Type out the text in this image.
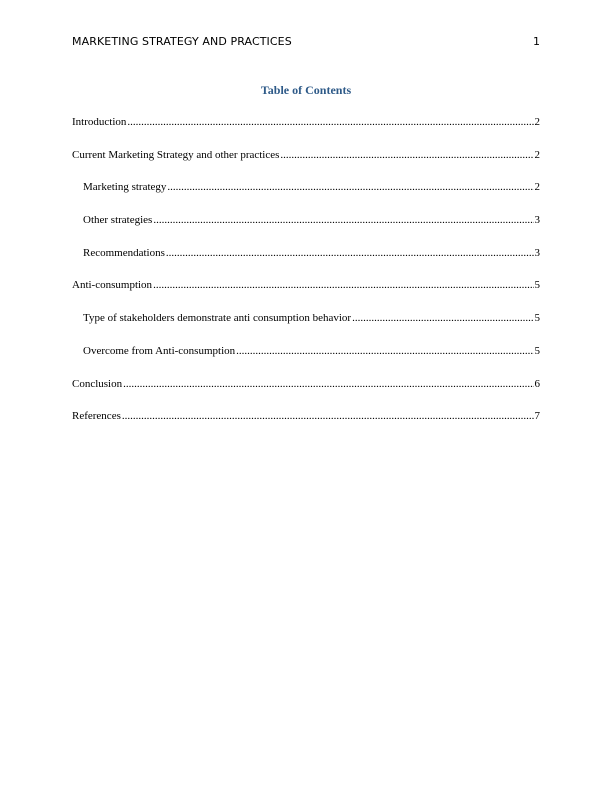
MARKETING STRATEGY AND PRACTICES	1
Table of Contents
Introduction .....	2
Current Marketing Strategy and other practices .....	2
Marketing strategy .....	2
Other strategies .....	3
Recommendations .....	3
Anti-consumption .....	5
Type of stakeholders demonstrate anti consumption behavior .....	5
Overcome from Anti-consumption .....	5
Conclusion .....	6
References .....	7
